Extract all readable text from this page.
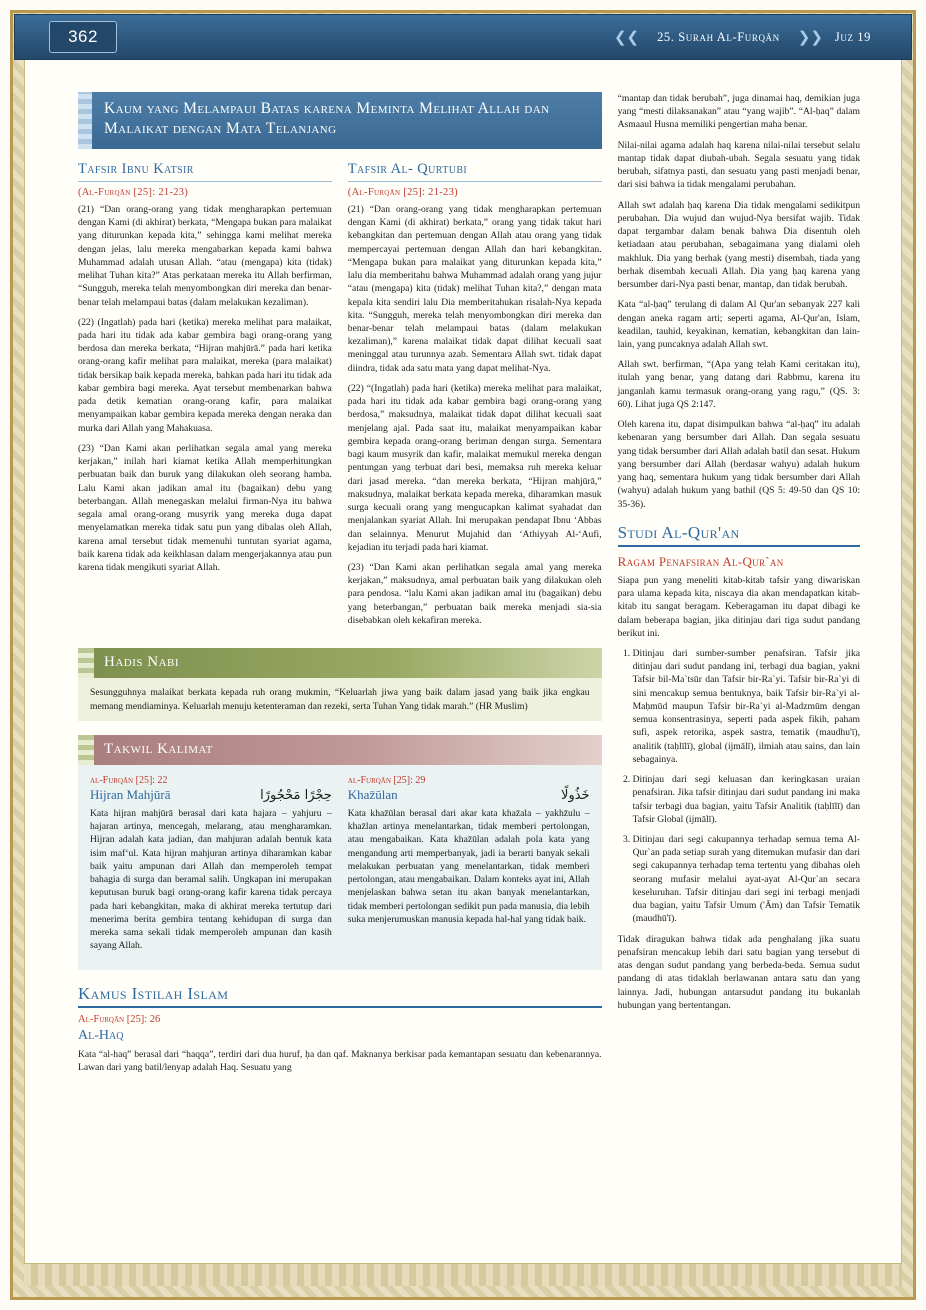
362	❮❮	25. Surah Al-Furqān	❯❯ Juz 19
Kaum yang Melampaui Batas karena Meminta Melihat Allah dan Malaikat dengan Mata Telanjang
Tafsir Ibnu Katsir
(Al-Furqān [25]: 21-23)

(21) “Dan orang-orang yang tidak mengharapkan pertemuan dengan Kami (di akhirat) berkata, “Mengapa bukan para malaikat yang diturunkan kepada kita,” sehingga kami melihat mereka dengan jelas, lalu mereka mengabarkan kepada kami bahwa Muhammad adalah utusan Allah. “atau (mengapa) kita (tidak) melihat Tuhan kita?” Atas perkataan mereka itu Allah berfirman, “Sungguh, mereka telah menyombongkan diri mereka dan benar-benar telah melampaui batas (dalam melakukan kezaliman).

(22) (Ingatlah) pada hari (ketika) mereka melihat para malaikat, pada hari itu tidak ada kabar gembira bagi orang-orang yang berdosa dan mereka berkata, “Hijran mahjūrā.” pada hari ketika orang-orang kafir melihat para malaikat, mereka (para malaikat) tidak bersikap baik kepada mereka, bahkan pada hari itu tidak ada kabar gembira bagi mereka. Ayat tersebut membenarkan bahwa pada detik kematian orang-orang kafir, para malaikat menyampaikan kabar gembira kepada mereka dengan neraka dan murka dari Allah yang Mahakuasa.

(23) “Dan Kami akan perlihatkan segala amal yang mereka kerjakan,” inilah hari kiamat ketika Allah memperhitungkan perbuatan baik dan buruk yang dilakukan oleh seorang hamba. Lalu Kami akan jadikan amal itu (bagaikan) debu yang beterbangan. Allah menegaskan melalui firman-Nya itu bahwa segala amal orang-orang musyrik yang mereka duga dapat menyelamatkan mereka tidak satu pun yang dibalas oleh Allah, karena amal tersebut tidak memenuhi tuntutan syariat agama, baik karena tidak ada keikhlasan dalam mengerjakannya atau pun karena tidak mengikuti syariat Allah.

Tafsir Al- Qurtubi
(Al-Furqān [25]: 21-23)

(21) “Dan orang-orang yang tidak mengharapkan pertemuan dengan Kami (di akhirat) berkata,” orang yang tidak takut hari kebangkitan dan pertemuan dengan Allah atau orang yang tidak mempercayai pertemuan dengan Allah dan hari kebangkitan. “Mengapa bukan para malaikat yang diturunkan kepada kita,” lalu dia memberitahu bahwa Muhammad adalah orang yang jujur “atau (mengapa) kita (tidak) melihat Tuhan kita?,” dengan mata kepala kita sendiri lalu Dia memberitahukan risalah-Nya kepada kita. “Sungguh, mereka telah menyombongkan diri mereka dan benar-benar telah melampaui batas (dalam melakukan kezaliman),” karena malaikat tidak dapat dilihat kecuali saat meninggal atau turunnya azab. Sementara Allah swt. tidak dapat diindra, tidak ada satu mata yang dapat melihat-Nya.

(22) “(Ingatlah) pada hari (ketika) mereka melihat para malaikat, pada hari itu tidak ada kabar gembira bagi orang-orang yang berdosa,” maksudnya, malaikat tidak dapat dilihat kecuali saat menjelang ajal. Pada saat itu, malaikat menyampaikan kabar gembira kepada orang-orang beriman dengan surga. Sementara bagi kaum musyrik dan kafir, malaikat memukul mereka dengan pentungan yang terbuat dari besi, memaksa ruh mereka keluar dari jasad mereka. “dan mereka berkata, “Hijran mahjūrā,” maksudnya, malaikat berkata kepada mereka, diharamkan masuk surga kecuali orang yang mengucapkan kalimat syahadat dan menjalankan syariat Allah. Ini merupakan pendapat Ibnu ‘Abbas dan selainnya. Menurut Mujahid dan ‘Athiyyah Al-‘Aufi, kejadian itu terjadi pada hari kiamat.

(23) “Dan Kami akan perlihatkan segala amal yang mereka kerjakan,” maksudnya, amal perbuatan baik yang dilakukan oleh para pendosa. “lalu Kami akan jadikan amal itu (bagaikan) debu yang beterbangan,” perbuatan baik mereka menjadi sia-sia disebabkan oleh kekafiran mereka.

Hadis Nabi
Sesungguhnya malaikat berkata kepada ruh orang mukmin, “Keluarlah jiwa yang baik dalam jasad yang baik jika engkau memang mendiaminya. Keluarlah menuju ketenteraman dan rezeki, serta Tuhan Yang tidak marah.” (HR Muslim)
Takwil Kalimat
al-Furqān [25]: 22
Hijran Mahjūrā	حِجْرًا مَحْجُورًا

Kata hijran mahjūrā berasal dari kata hajara – yahjuru – hajaran artinya, mencegah, melarang, atau mengharamkan. Hijran adalah kata jadian, dan mahjuran adalah bentuk kata isim maf‘ul. Kata hijran mahjuran artinya diharamkan kabar baik yaitu ampunan dari Allah dan memperoleh tempat bahagia di surga dan beramal salih. Ungkapan ini merupakan keputusan buruk bagi orang-orang kafir karena tidak percaya pada hari kebangkitan, maka di akhirat mereka tertutup dari menerima berita gembira tentang kehidupan di surga dan mereka sama sekali tidak memperoleh ampunan dan kasih sayang Allah.

al-Furqān [25]: 29
Khaz̄ūlan	خَذُولًا

Kata khaz̄ūlan berasal dari akar kata khaz̄ala – yakhz̄ulu – khaz̄lan artinya menelantarkan, tidak memberi pertolongan, atau mengabaikan. Kata khaz̄ūlan adalah pola kata yang mengandung arti memperbanyak, jadi ia berarti banyak sekali melakukan perbuatan yang menelantarkan, tidak memberi pertolongan, atau mengabaikan. Dalam konteks ayat ini, Allah menjelaskan bahwa setan itu akan banyak menelantarkan, tidak memberi pertolongan sedikit pun pada manusia, dia lebih suka menjerumuskan manusia kepada hal-hal yang tidak baik.

Kamus Istilah Islam
Al-Furqān [25]: 26
Al-Haq

Kata “al-haq” berasal dari “haqqa”, terdiri dari dua huruf, ḥa dan qaf. Maknanya berkisar pada kemantapan sesuatu dan kebenarannya. Lawan dari yang batil/lenyap adalah Haq. Sesuatu yang

“mantap dan tidak berubah”, juga dinamai haq, demikian juga yang “mesti dilaksanakan” atau “yang wajib”. “Al-ḥaq” dalam Asmaaul Husna memiliki pengertian maha benar.

Nilai-nilai agama adalah haq karena nilai-nilai tersebut selalu mantap tidak dapat diubah-ubah. Segala sesuatu yang tidak berubah, sifatnya pasti, dan sesuatu yang pasti menjadi benar, dari sisi bahwa ia tidak mengalami perubahan.

Allah swt adalah ḥaq karena Dia tidak mengalami sedikitpun perubahan. Dia wujud dan wujud-Nya bersifat wajib. Tidak dapat tergambar dalam benak bahwa Dia disentuh oleh ketiadaan atau perubahan, sebagaimana yang dialami oleh makhluk. Dia yang berhak (yang mesti) disembah, tiada yang berhak disembah kecuali Allah. Dia yang ḥaq karena yang bersumber dari-Nya pasti benar, mantap, dan tidak berubah.

Kata “al-ḥaq” terulang di dalam Al Qur'an sebanyak 227 kali dengan aneka ragam arti; seperti agama, Al-Qur'an, Islam, keadilan, tauhid, keyakinan, kematian, kebangkitan dan lain-lain, yang puncaknya adalah Allah swt.

Allah swt. berfirman, “(Apa yang telah Kami ceritakan itu), itulah yang benar, yang datang dari Rabbmu, karena itu janganlah kamu termasuk orang-orang yang ragu,” (QS. 3: 60). Lihat juga QS 2:147.

Oleh karena itu, dapat disimpulkan bahwa “al-ḥaq” itu adalah kebenaran yang bersumber dari Allah. Dan segala sesuatu yang tidak bersumber dari Allah adalah batil dan sesat. Hukum yang bersumber dari Allah (berdasar wahyu) adalah hukum yang haq, sementara hukum yang tidak bersumber dari Allah (wahyu) adalah hukum yang bathil (QS 5: 49-50 dan QS 10: 35-36).

Studi Al-Qur'an
Ragam Penafsiran Al-Qur`an

Siapa pun yang meneliti kitab-kitab tafsir yang diwariskan para ulama kepada kita, niscaya dia akan mendapatkan kitab-kitab itu sangat beragam. Keberagaman itu dapat dibagi ke dalam beberapa bagian, jika ditinjau dari tiga sudut pandang berikut ini.

1. Ditinjau dari sumber-sumber penafsiran. Tafsir jika ditinjau dari sudut pandang ini, terbagi dua bagian, yakni Tafsir bil-Ma`tsūr dan Tafsir bir-Ra`yi. Tafsir bir-Ra`yi di sini mencakup semua bentuknya, baik Tafsir bir-Ra`yi al-Maḥmūd maupun Tafsir bir-Ra`yi al-Madzmūm dengan semua konsentrasinya, seperti pada aspek fikih, paham sufi, aspek retorika, aspek sastra, tematik (maudhu'ī), analitik (taḥlīlī), global (ijmālī), ilmiah atau sains, dan lain sebagainya.
2. Ditinjau dari segi keluasan dan keringkasan uraian penafsiran. Jika tafsir ditinjau dari sudut pandang ini maka tafsir terbagi dua bagian, yaitu Tafsir Analitik (taḥlīlī) dan Tafsir Global (ijmālī).
3. Ditinjau dari segi cakupannya terhadap semua tema Al-Qur`an pada setiap surah yang ditemukan mufasir dan dari segi cakupannya terhadap tema tertentu yang dibahas oleh seorang mufasir melalui ayat-ayat Al-Qur`an secara keseluruhan. Tafsir ditinjau dari segi ini terbagi menjadi dua bagian, yaitu Tafsir Umum ('Ām) dan Tafsir Tematik (maudhū'ī).

Tidak diragukan bahwa tidak ada penghalang jika suatu penafsiran mencakup lebih dari satu bagian yang tersebut di atas dengan sudut pandang yang berbeda-beda. Semua sudut pandang di atas tidaklah berlawanan antara satu dan yang lainnya. Jadi, hubungan antarsudut pandang itu bukanlah hubungan yang bertentangan.
